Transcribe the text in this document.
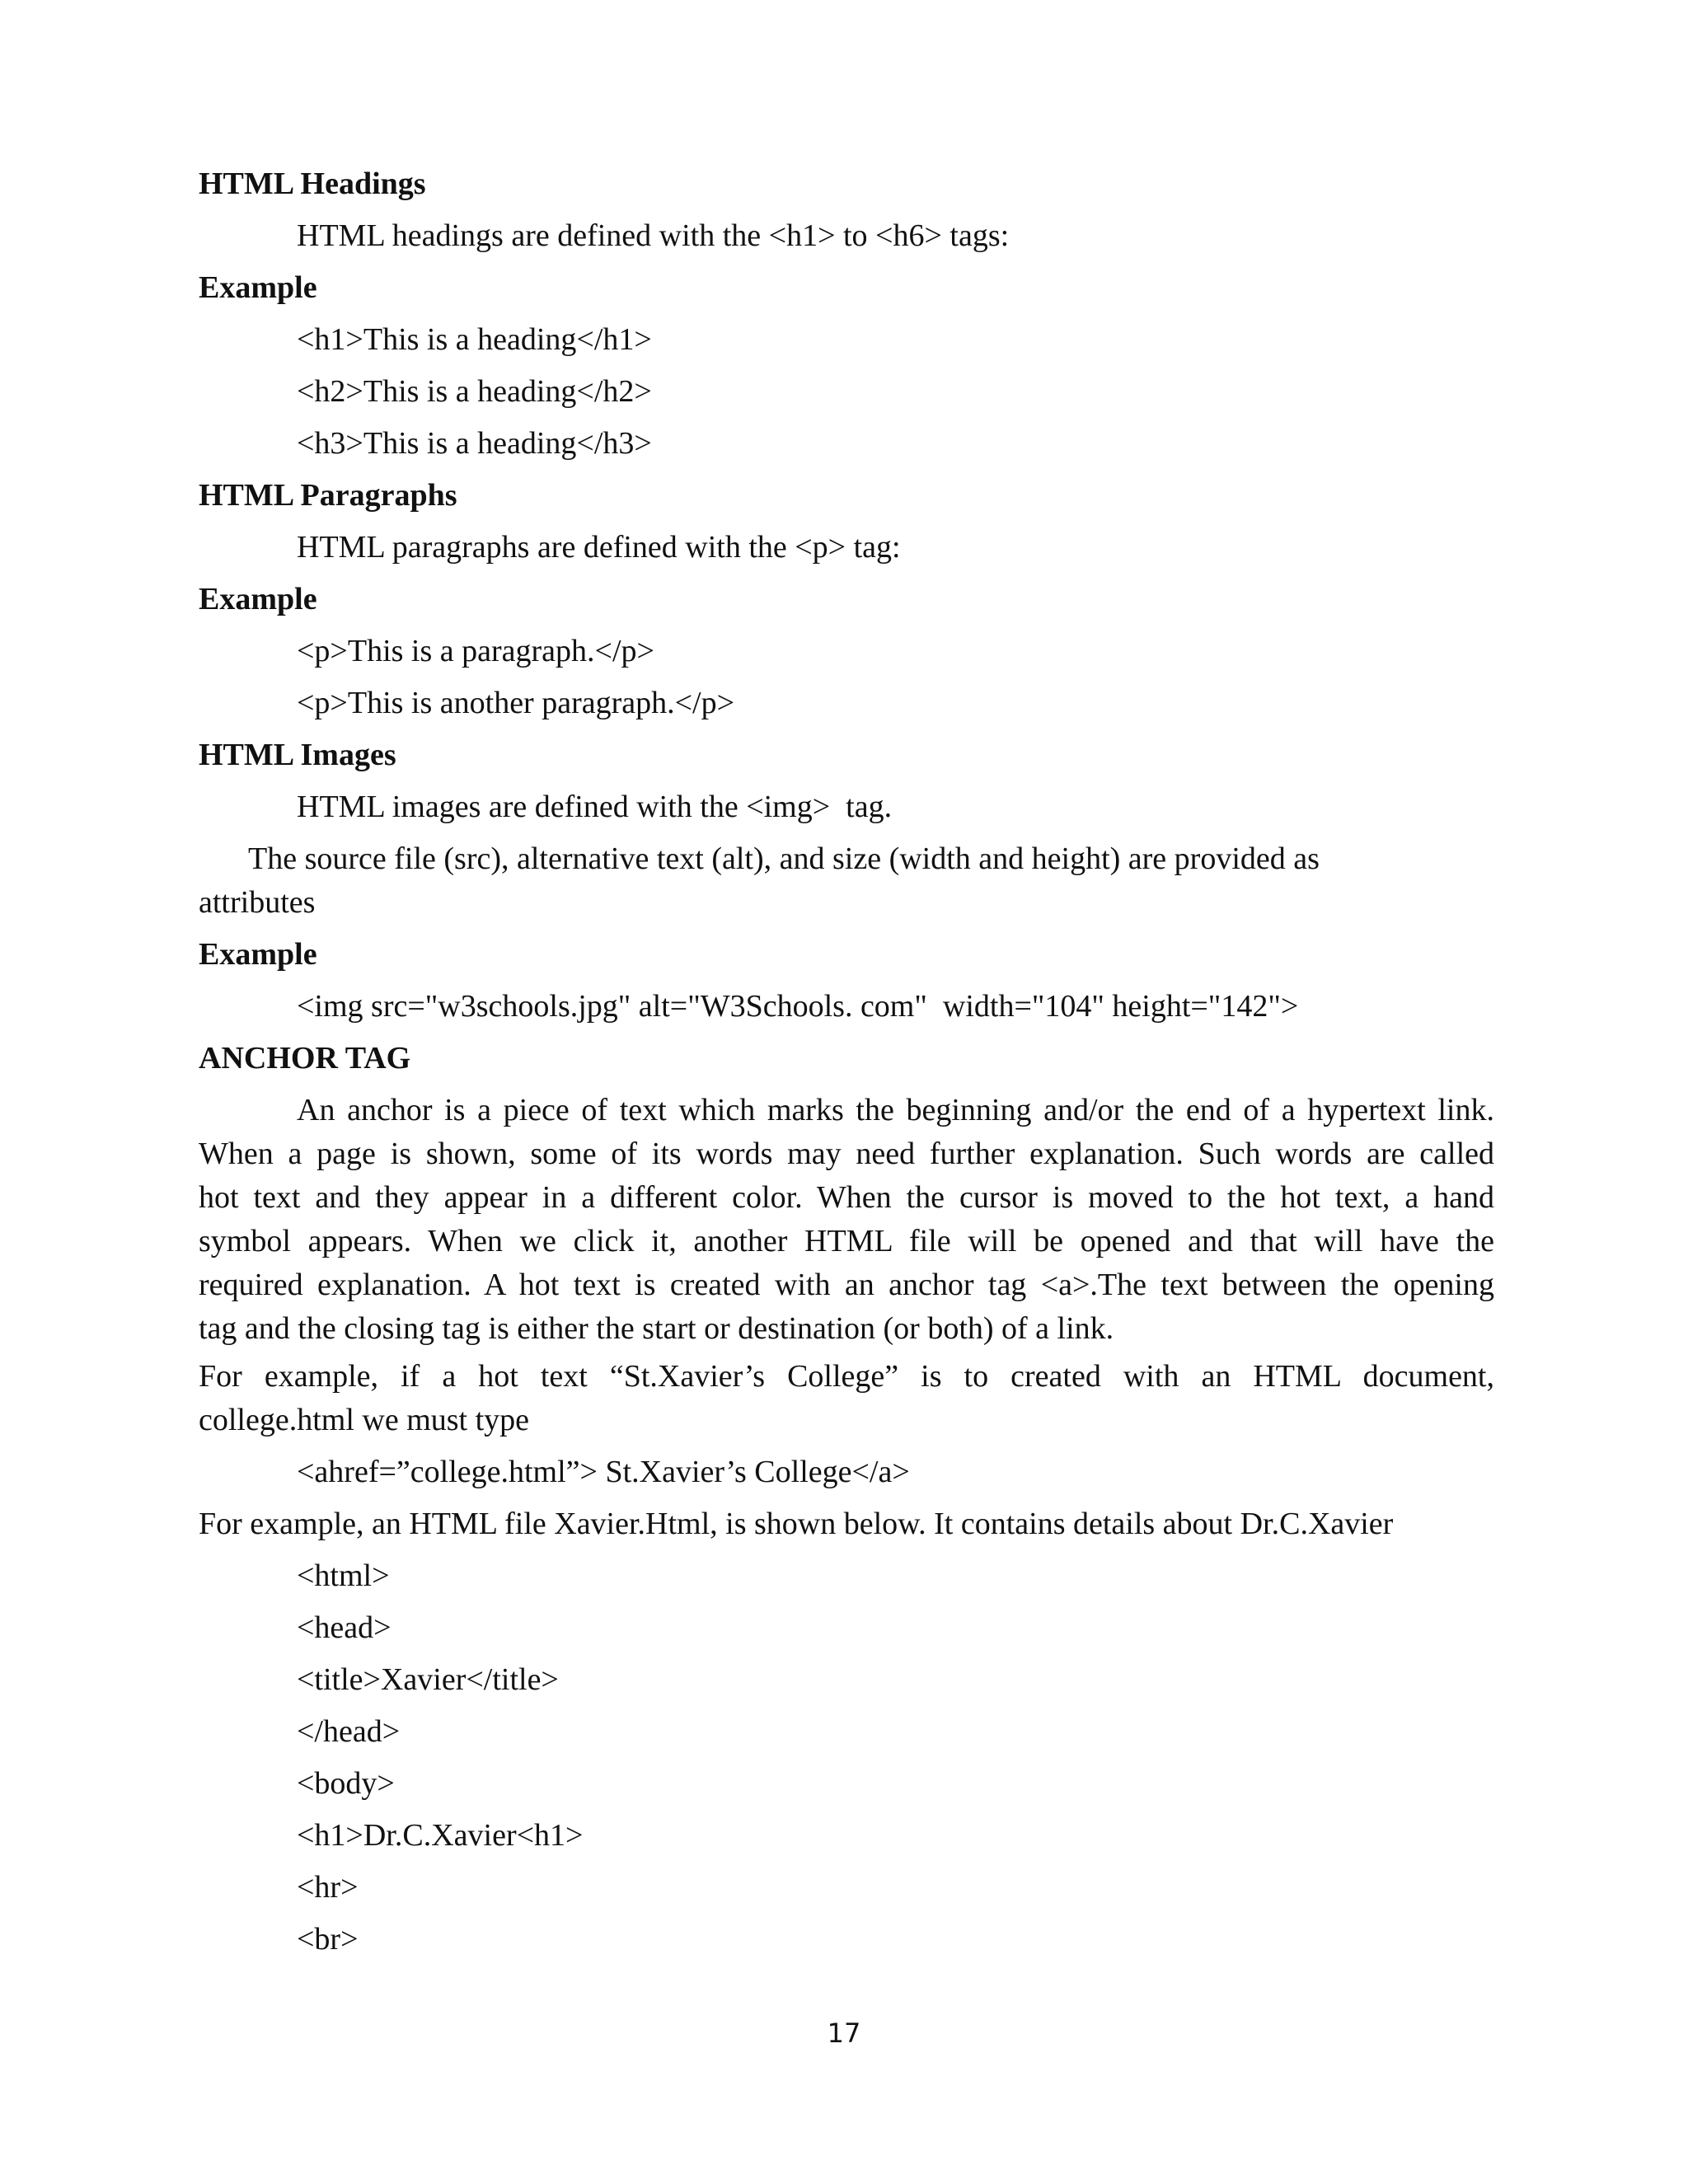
HTML Headings
HTML headings are defined with the <h1> to <h6> tags:
Example
<h1>This is a heading</h1>
<h2>This is a heading</h2>
<h3>This is a heading</h3>
HTML Paragraphs
HTML paragraphs are defined with the <p> tag:
Example
<p>This is a paragraph.</p>
<p>This is another paragraph.</p>
HTML Images
HTML images are defined with the <img>  tag.
The source file (src), alternative text (alt), and size (width and height) are provided as
attributes
Example
<img src="w3schools.jpg" alt="W3Schools. com"  width="104" height="142">
ANCHOR TAG
An anchor is a piece of text which marks the beginning and/or the end of a hypertext link.
When a page is shown, some of its words may need further explanation. Such words are called
hot text and they appear in a different color. When the cursor is moved to the hot text, a hand
symbol appears. When we click it, another HTML file will be opened and that will have the
required explanation. A hot text is created with an anchor tag <a>.The text between the opening
tag and the closing tag is either the start or destination (or both) of a link.
For example, if a hot text “St.Xavier’s College” is to created with an HTML document,
college.html we must type
<ahref=”college.html”> St.Xavier’s College</a>
For example, an HTML file Xavier.Html, is shown below. It contains details about Dr.C.Xavier
<html>
<head>
<title>Xavier</title>
</head>
<body>
<h1>Dr.C.Xavier<h1>
<hr>
<br>
17
